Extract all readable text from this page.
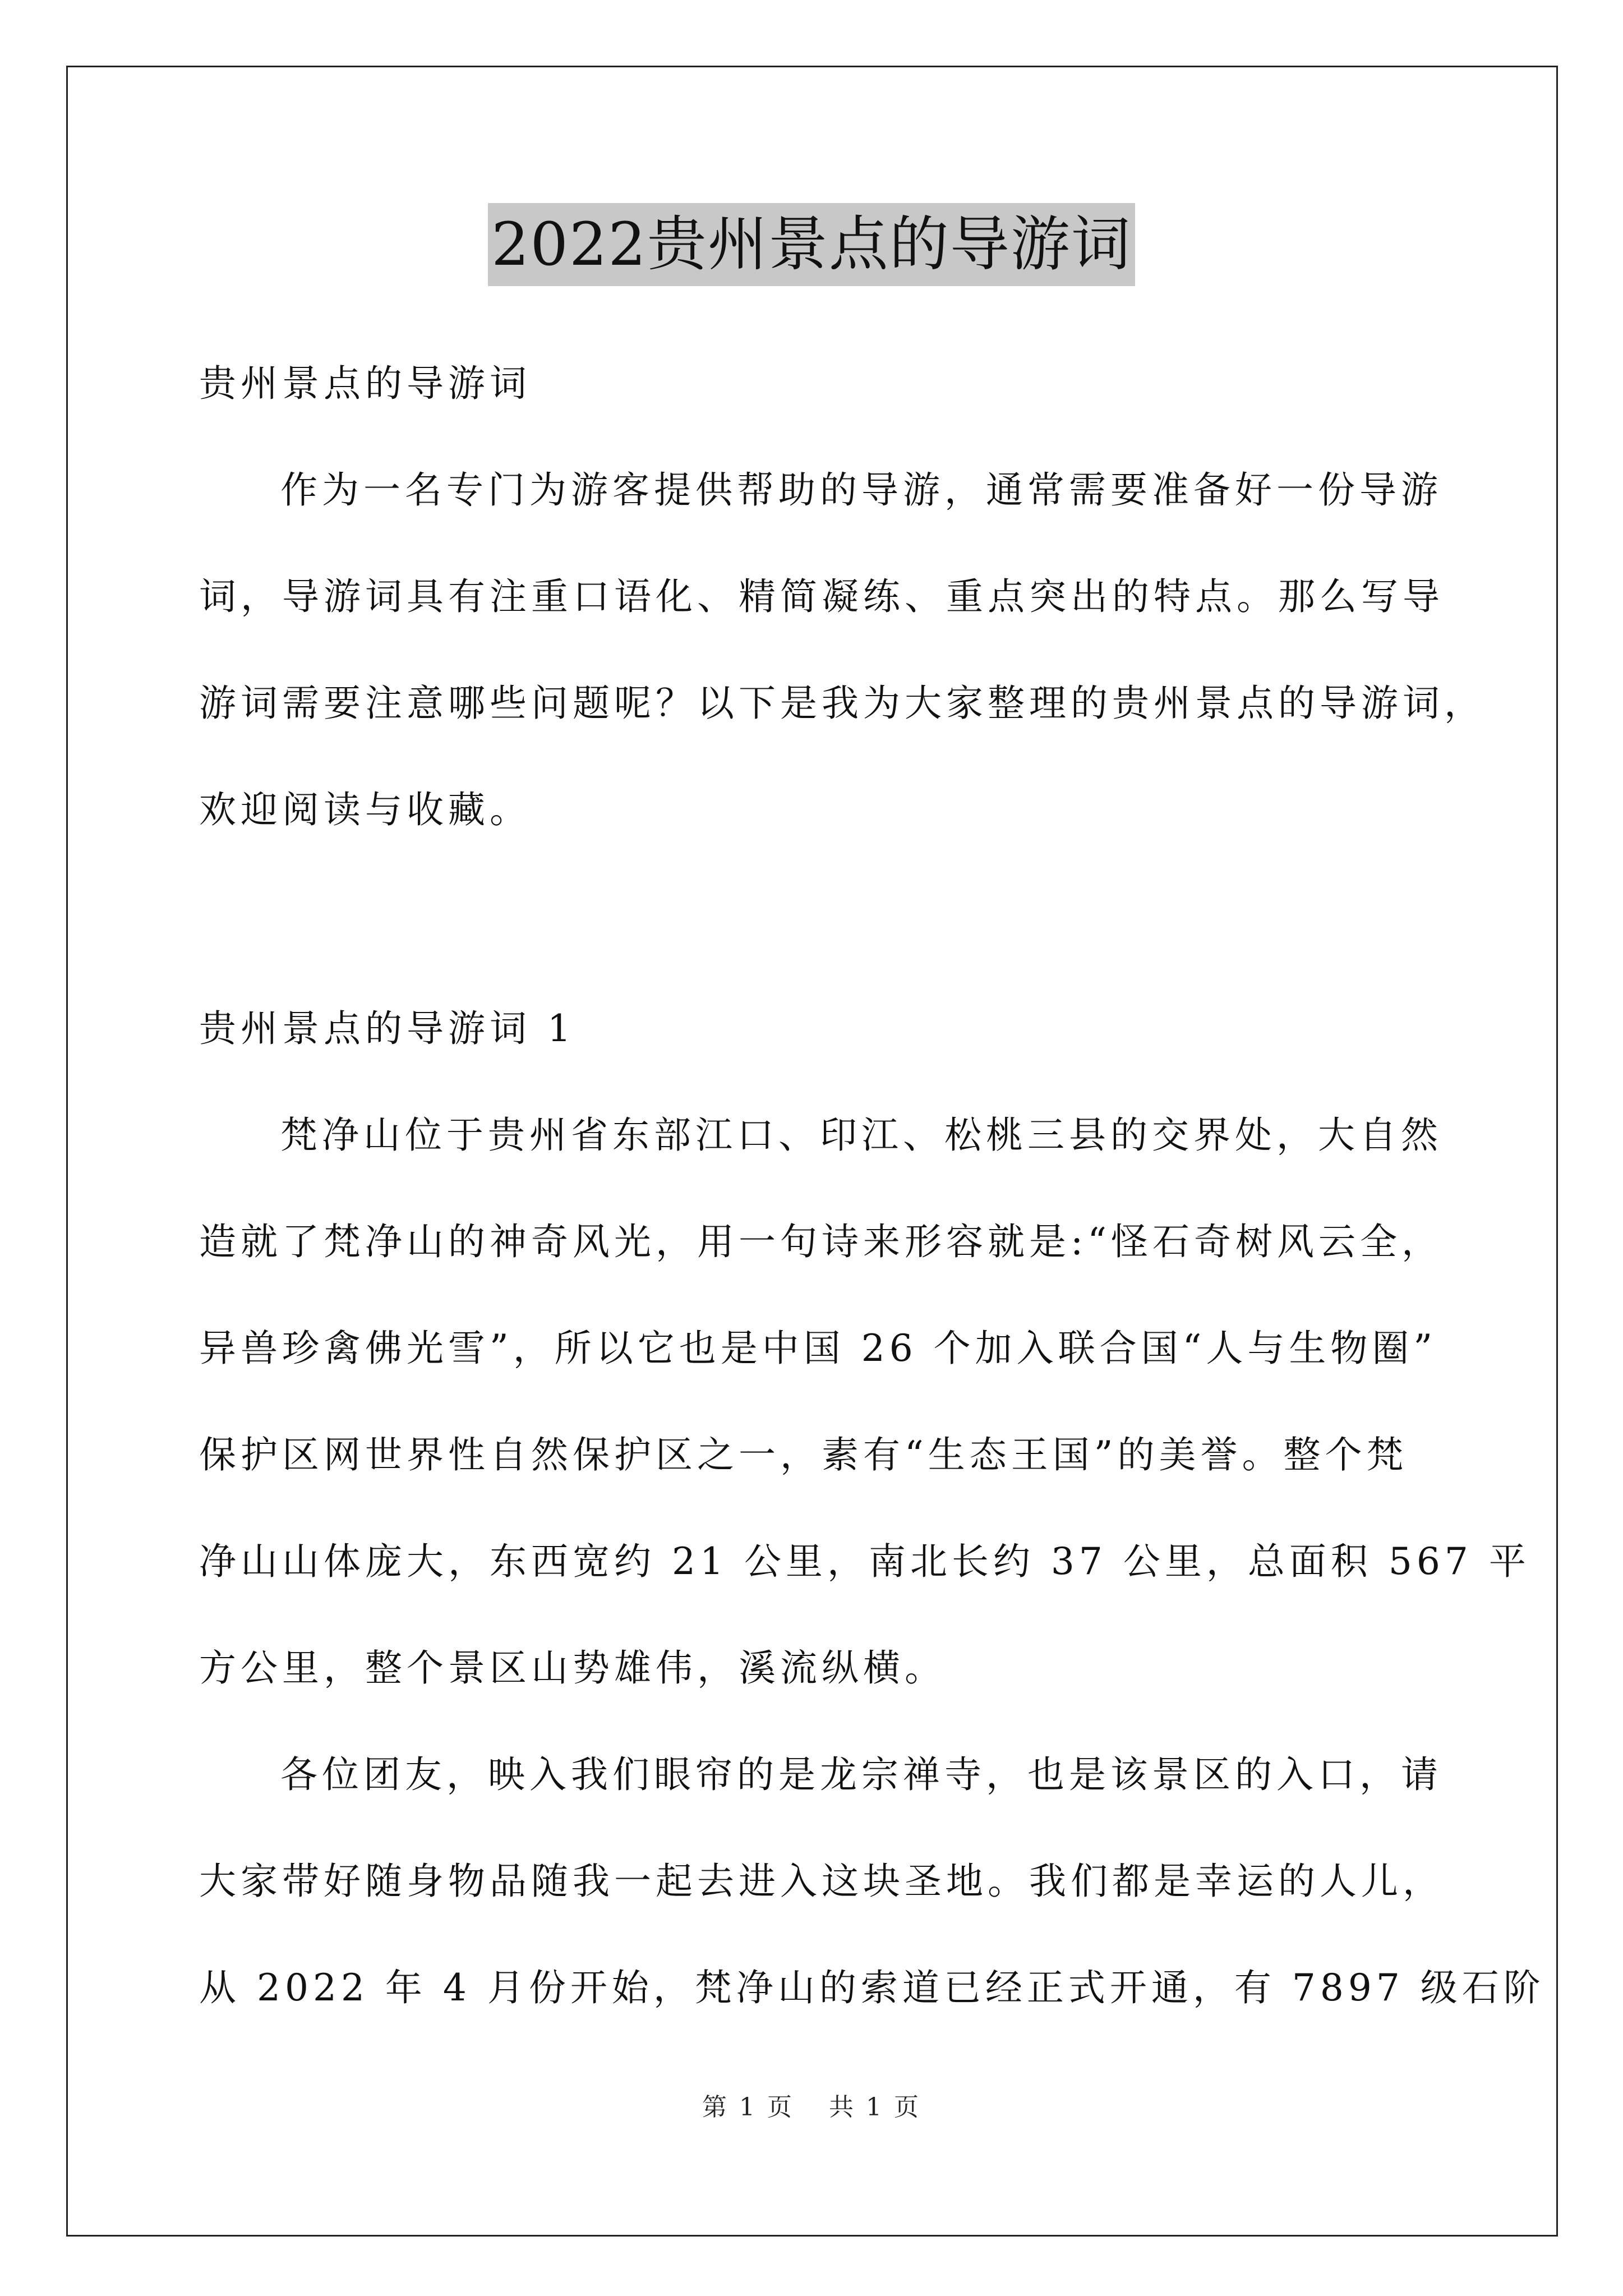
2022贵州景点的导游词
贵州景点的导游词
作为一名专门为游客提供帮助的导游，通常需要准备好一份导游
词，导游词具有注重口语化、精简凝练、重点突出的特点。那么写导
游词需要注意哪些问题呢？以下是我为大家整理的贵州景点的导游词，
欢迎阅读与收藏。
贵州景点的导游词 1
梵净山位于贵州省东部江口、印江、松桃三县的交界处，大自然
造就了梵净山的神奇风光，用一句诗来形容就是:“怪石奇树风云全，
异兽珍禽佛光雪”，所以它也是中国 26 个加入联合国“人与生物圈”
保护区网世界性自然保护区之一，素有“生态王国”的美誉。整个梵
净山山体庞大，东西宽约 21 公里，南北长约 37 公里，总面积 567 平
方公里，整个景区山势雄伟，溪流纵横。
各位团友，映入我们眼帘的是龙宗禅寺，也是该景区的入口，请
大家带好随身物品随我一起去进入这块圣地。我们都是幸运的人儿，
从 2022 年 4 月份开始，梵净山的索道已经正式开通，有 7897 级石阶
第 1 页 共 1 页
